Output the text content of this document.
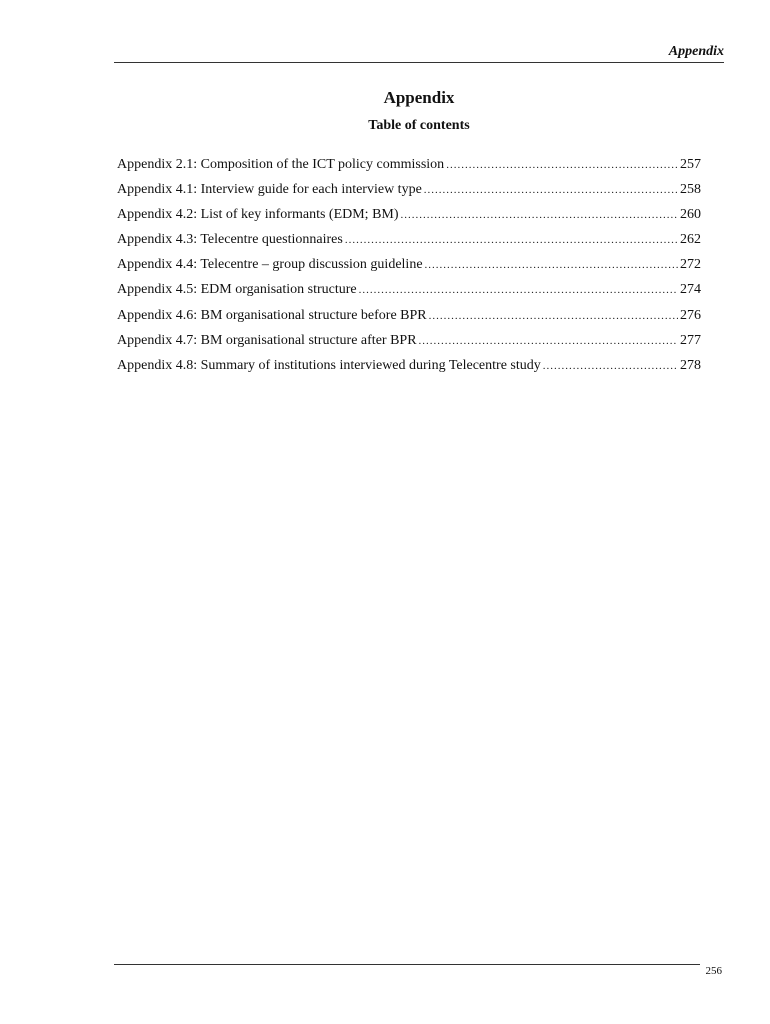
Appendix
Appendix
Table of contents
Appendix 2.1: Composition of the ICT policy commission .....	257
Appendix 4.1: Interview guide for each interview type .....	258
Appendix 4.2: List of key informants (EDM; BM) .....	260
Appendix 4.3: Telecentre questionnaires .....	262
Appendix 4.4: Telecentre – group discussion guideline .....	272
Appendix 4.5: EDM organisation structure .....	274
Appendix 4.6: BM organisational structure before BPR .....	276
Appendix 4.7: BM organisational structure after BPR .....	277
Appendix 4.8: Summary of institutions interviewed during Telecentre study .....	278
256
